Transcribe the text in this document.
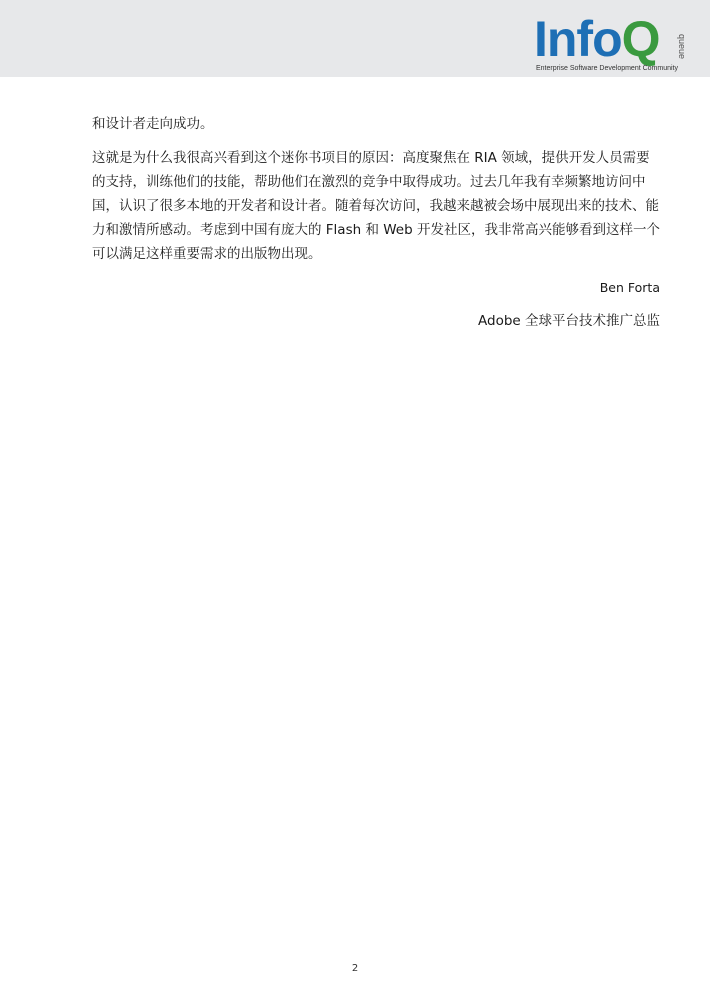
InfoQ queue
Enterprise Software Development Community

和设计者走向成功。

这就是为什么我很高兴看到这个迷你书项目的原因：高度聚焦在 RIA 领域，提供开发人员需要的支持，训练他们的技能，帮助他们在激烈的竞争中取得成功。过去几年我有幸频繁地访问中国，认识了很多本地的开发者和设计者。随着每次访问，我越来越被会场中展现出来的技术、能力和激情所感动。考虑到中国有庞大的 Flash 和 Web 开发社区，我非常高兴能够看到这样一个可以满足这样重要需求的出版物出现。

Ben Forta

Adobe 全球平台技术推广总监

2
